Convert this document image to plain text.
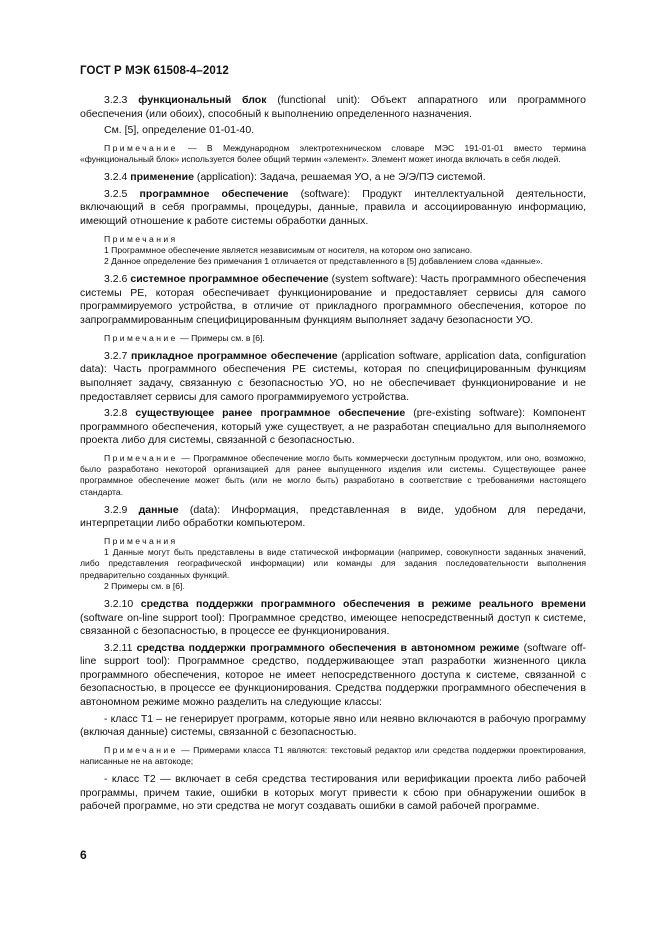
ГОСТ Р МЭК 61508-4–2012

3.2.3 функциональный блок (functional unit): Объект аппаратного или программного обеспечения (или обоих), способный к выполнению определенного назначения.

См. [5], определение 01-01-40.

Примечание — В Международном электротехническом словаре МЭС 191-01-01 вместо термина «функциональный блок» используется более общий термин «элемент». Элемент может иногда включать в себя людей.

3.2.4 применение (application): Задача, решаемая УО, а не Э/Э/ПЭ системой.

3.2.5 программное обеспечение (software): Продукт интеллектуальной деятельности, включающий в себя программы, процедуры, данные, правила и ассоциированную информацию, имеющий отношение к работе системы обработки данных.

Примечания

1 Программное обеспечение является независимым от носителя, на котором оно записано.

2 Данное определение без примечания 1 отличается от представленного в [5] добавлением слова «данные».

3.2.6 системное программное обеспечение (system software): Часть программного обеспечения системы PE, которая обеспечивает функционирование и предоставляет сервисы для самого программируемого устройства, в отличие от прикладного программного обеспечения, которое по запрограммированным специфицированным функциям выполняет задачу безопасности УО.

Примечание — Примеры см. в [6].

3.2.7 прикладное программное обеспечение (application software, application data, configuration data): Часть программного обеспечения PE системы, которая по специфицированным функциям выполняет задачу, связанную с безопасностью УО, но не обеспечивает функционирование и не предоставляет сервисы для самого программируемого устройства.

3.2.8 существующее ранее программное обеспечение (pre-existing software): Компонент программного обеспечения, который уже существует, а не разработан специально для выполняемого проекта либо для системы, связанной с безопасностью.

Примечание — Программное обеспечение могло быть коммерчески доступным продуктом, или оно, возможно, было разработано некоторой организацией для ранее выпущенного изделия или системы. Существующее ранее программное обеспечение может быть (или не могло быть) разработано в соответствие с требованиями настоящего стандарта.

3.2.9 данные (data): Информация, представленная в виде, удобном для передачи, интерпретации либо обработки компьютером.

Примечания

1 Данные могут быть представлены в виде статической информации (например, совокупности заданных значений, либо представления географической информации) или команды для задания последовательности выполнения предварительно созданных функций.

2 Примеры см. в [6].

3.2.10 средства поддержки программного обеспечения в режиме реального времени (software on-line support tool): Программное средство, имеющее непосредственный доступ к системе, связанной с безопасностью, в процессе ее функционирования.

3.2.11 средства поддержки программного обеспечения в автономном режиме (software off-line support tool): Программное средство, поддерживающее этап разработки жизненного цикла программного обеспечения, которое не имеет непосредственного доступа к системе, связанной с безопасностью, в процессе ее функционирования. Средства поддержки программного обеспечения в автономном режиме можно разделить на следующие классы:

- класс T1 – не генерирует программ, которые явно или неявно включаются в рабочую программу (включая данные) системы, связанной с безопасностью.

Примечание — Примерами класса T1 являются: текстовый редактор или средства поддержки проектирования, написанные не на автокоде;

- класс T2 — включает в себя средства тестирования или верификации проекта либо рабочей программы, причем такие, ошибки в которых могут привести к сбою при обнаружении ошибок в рабочей программе, но эти средства не могут создавать ошибки в самой рабочей программе.

6
